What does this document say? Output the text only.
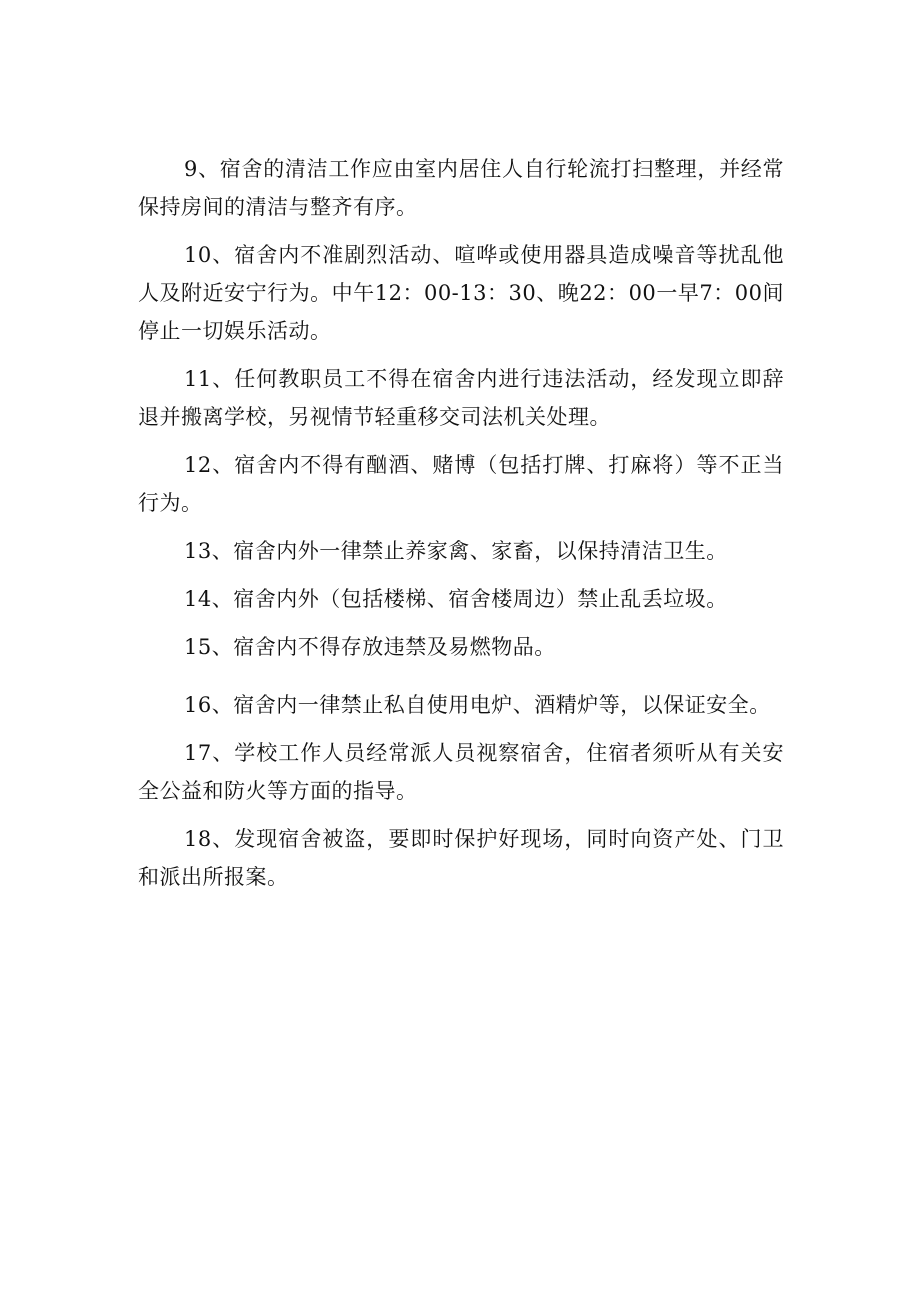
9、宿舍的清洁工作应由室内居住人自行轮流打扫整理，并经常保持房间的清洁与整齐有序。

10、宿舍内不准剧烈活动、喧哗或使用器具造成噪音等扰乱他人及附近安宁行为。中午12：00-13：30、晚22：00一早7：00间停止一切娱乐活动。

11、任何教职员工不得在宿舍内进行违法活动，经发现立即辞退并搬离学校，另视情节轻重移交司法机关处理。

12、宿舍内不得有酗酒、赌博（包括打牌、打麻将）等不正当行为。

13、宿舍内外一律禁止养家禽、家畜，以保持清洁卫生。

14、宿舍内外（包括楼梯、宿舍楼周边）禁止乱丢垃圾。

15、宿舍内不得存放违禁及易燃物品。

16、宿舍内一律禁止私自使用电炉、酒精炉等，以保证安全。

17、学校工作人员经常派人员视察宿舍，住宿者须听从有关安全公益和防火等方面的指导。

18、发现宿舍被盗，要即时保护好现场，同时向资产处、门卫和派出所报案。
